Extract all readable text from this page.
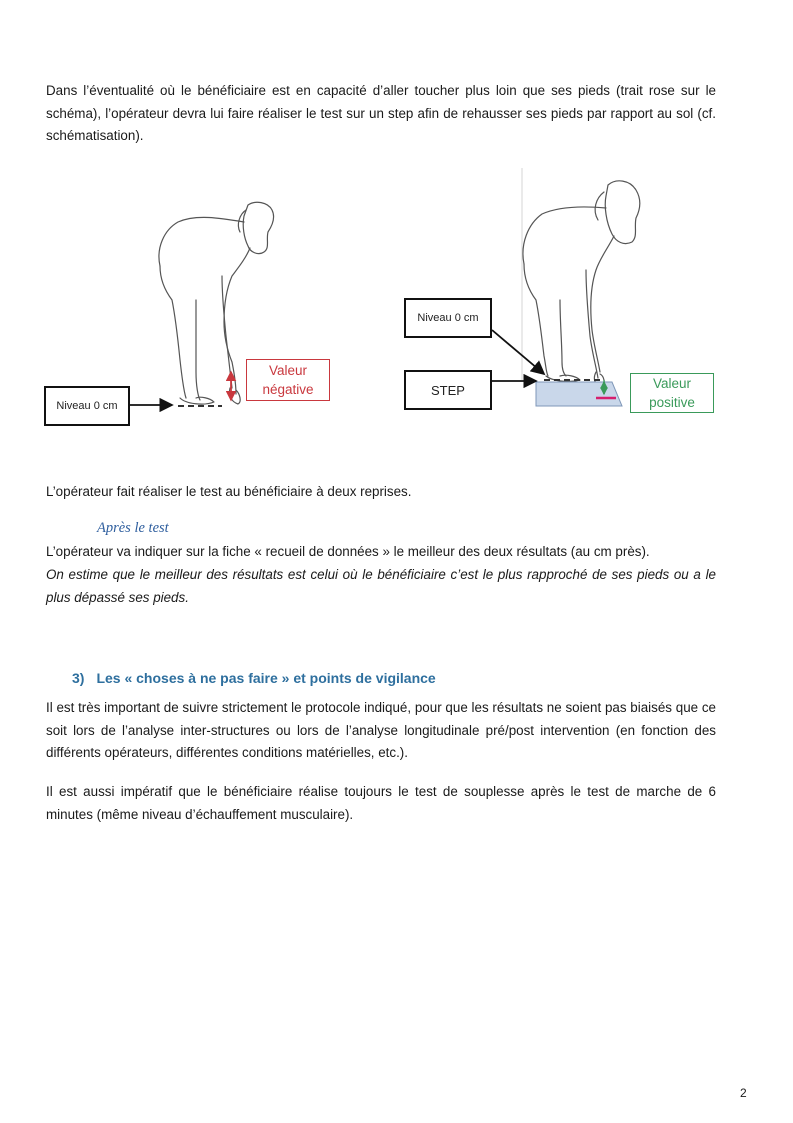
Dans l’éventualité où le bénéficiaire est en capacité d’aller toucher plus loin que ses pieds (trait rose sur le schéma), l’opérateur devra lui faire réaliser le test sur un step afin de rehausser ses pieds par rapport au sol (cf. schématisation).

Niveau 0 cm
Valeur
négative
Niveau 0 cm
STEP	Valeur
positive

L’opérateur fait réaliser le test au bénéficiaire à deux reprises.

Après le test

L’opérateur va indiquer sur la fiche « recueil de données » le meilleur des deux résultats (au cm près).

On estime que le meilleur des résultats est celui où le bénéficiaire c’est le plus rapproché de ses pieds ou a le plus dépassé ses pieds.

3) Les « choses à ne pas faire » et points de vigilance

Il est très important de suivre strictement le protocole indiqué, pour que les résultats ne soient pas biaisés que ce soit lors de l’analyse inter-structures ou lors de l’analyse longitudinale pré/post intervention (en fonction des différents opérateurs, différentes conditions matérielles, etc.).

Il est aussi impératif que le bénéficiaire réalise toujours le test de souplesse après le test de marche de 6 minutes (même niveau d’échauffement musculaire).

2
